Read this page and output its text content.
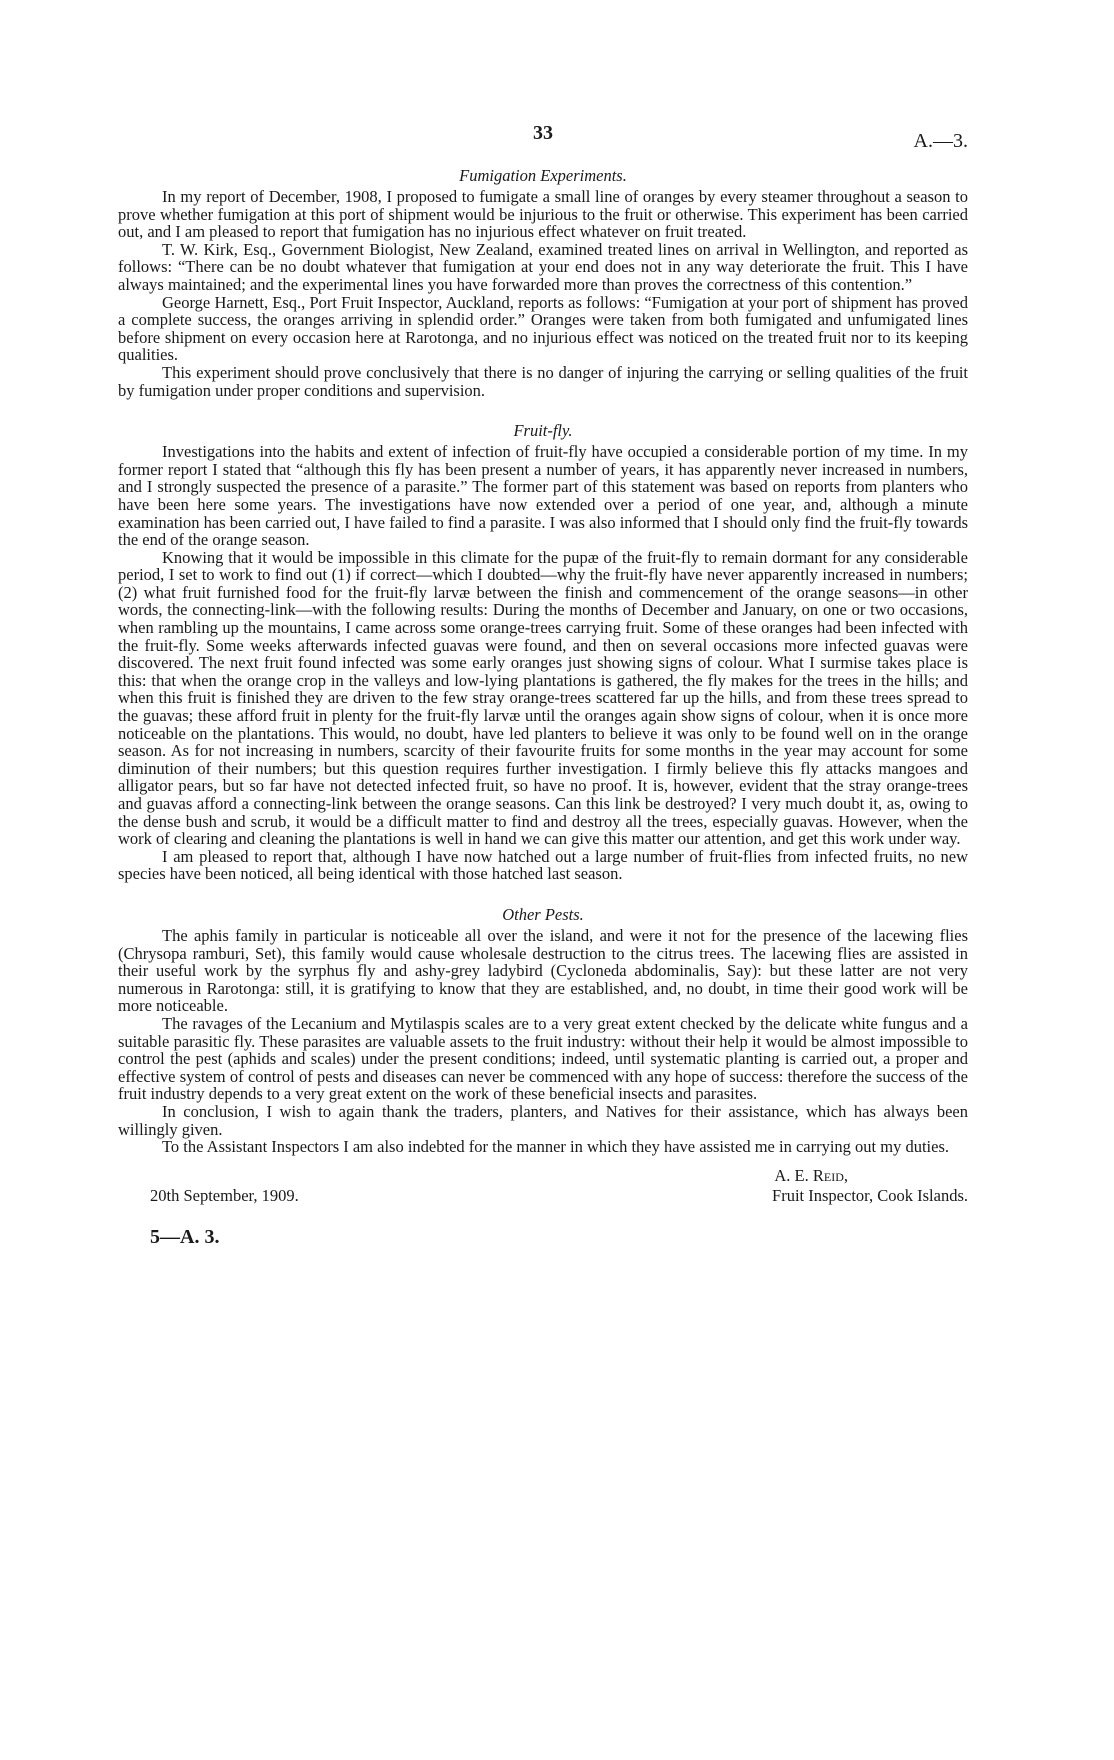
33	A.—3.
Fumigation Experiments.

In my report of December, 1908, I proposed to fumigate a small line of oranges by every steamer throughout a season to prove whether fumigation at this port of shipment would be injurious to the fruit or otherwise. This experiment has been carried out, and I am pleased to report that fumigation has no injurious effect whatever on fruit treated.

T. W. Kirk, Esq., Government Biologist, New Zealand, examined treated lines on arrival in Wellington, and reported as follows: “There can be no doubt whatever that fumigation at your end does not in any way deteriorate the fruit. This I have always maintained; and the experimental lines you have forwarded more than proves the correctness of this contention.”

George Harnett, Esq., Port Fruit Inspector, Auckland, reports as follows: “Fumigation at your port of shipment has proved a complete success, the oranges arriving in splendid order.” Oranges were taken from both fumigated and unfumigated lines before shipment on every occasion here at Rarotonga, and no injurious effect was noticed on the treated fruit nor to its keeping qualities.

This experiment should prove conclusively that there is no danger of injuring the carrying or selling qualities of the fruit by fumigation under proper conditions and supervision.

Fruit-fly.

Investigations into the habits and extent of infection of fruit-fly have occupied a considerable portion of my time. In my former report I stated that “although this fly has been present a number of years, it has apparently never increased in numbers, and I strongly suspected the presence of a parasite.” The former part of this statement was based on reports from planters who have been here some years. The investigations have now extended over a period of one year, and, although a minute examination has been carried out, I have failed to find a parasite. I was also informed that I should only find the fruit-fly towards the end of the orange season.

Knowing that it would be impossible in this climate for the pupæ of the fruit-fly to remain dormant for any considerable period, I set to work to find out (1) if correct—which I doubted—why the fruit-fly have never apparently increased in numbers; (2) what fruit furnished food for the fruit-fly larvæ between the finish and commencement of the orange seasons—in other words, the connecting-link—with the following results: During the months of December and January, on one or two occasions, when rambling up the mountains, I came across some orange-trees carrying fruit. Some of these oranges had been infected with the fruit-fly. Some weeks afterwards infected guavas were found, and then on several occasions more infected guavas were discovered. The next fruit found infected was some early oranges just showing signs of colour. What I surmise takes place is this: that when the orange crop in the valleys and low-lying plantations is gathered, the fly makes for the trees in the hills; and when this fruit is finished they are driven to the few stray orange-trees scattered far up the hills, and from these trees spread to the guavas; these afford fruit in plenty for the fruit-fly larvæ until the oranges again show signs of colour, when it is once more noticeable on the plantations. This would, no doubt, have led planters to believe it was only to be found well on in the orange season. As for not increasing in numbers, scarcity of their favourite fruits for some months in the year may account for some diminution of their numbers; but this question requires further investigation. I firmly believe this fly attacks mangoes and alligator pears, but so far have not detected infected fruit, so have no proof. It is, however, evident that the stray orange-trees and guavas afford a connecting-link between the orange seasons. Can this link be destroyed? I very much doubt it, as, owing to the dense bush and scrub, it would be a difficult matter to find and destroy all the trees, especially guavas. However, when the work of clearing and cleaning the plantations is well in hand we can give this matter our attention, and get this work under way.

I am pleased to report that, although I have now hatched out a large number of fruit-flies from infected fruits, no new species have been noticed, all being identical with those hatched last season.

Other Pests.

The aphis family in particular is noticeable all over the island, and were it not for the presence of the lacewing flies (Chrysopa ramburi, Set), this family would cause wholesale destruction to the citrus trees. The lacewing flies are assisted in their useful work by the syrphus fly and ashy-grey ladybird (Cycloneda abdominalis, Say): but these latter are not very numerous in Rarotonga: still, it is gratifying to know that they are established, and, no doubt, in time their good work will be more noticeable.

The ravages of the Lecanium and Mytilaspis scales are to a very great extent checked by the delicate white fungus and a suitable parasitic fly. These parasites are valuable assets to the fruit industry: without their help it would be almost impossible to control the pest (aphids and scales) under the present conditions; indeed, until systematic planting is carried out, a proper and effective system of control of pests and diseases can never be commenced with any hope of success: therefore the success of the fruit industry depends to a very great extent on the work of these beneficial insects and parasites.

In conclusion, I wish to again thank the traders, planters, and Natives for their assistance, which has always been willingly given.

To the Assistant Inspectors I am also indebted for the manner in which they have assisted me in carrying out my duties.

20th September, 1909.
A. E. Reid,
Fruit Inspector, Cook Islands.
5—A. 3.
